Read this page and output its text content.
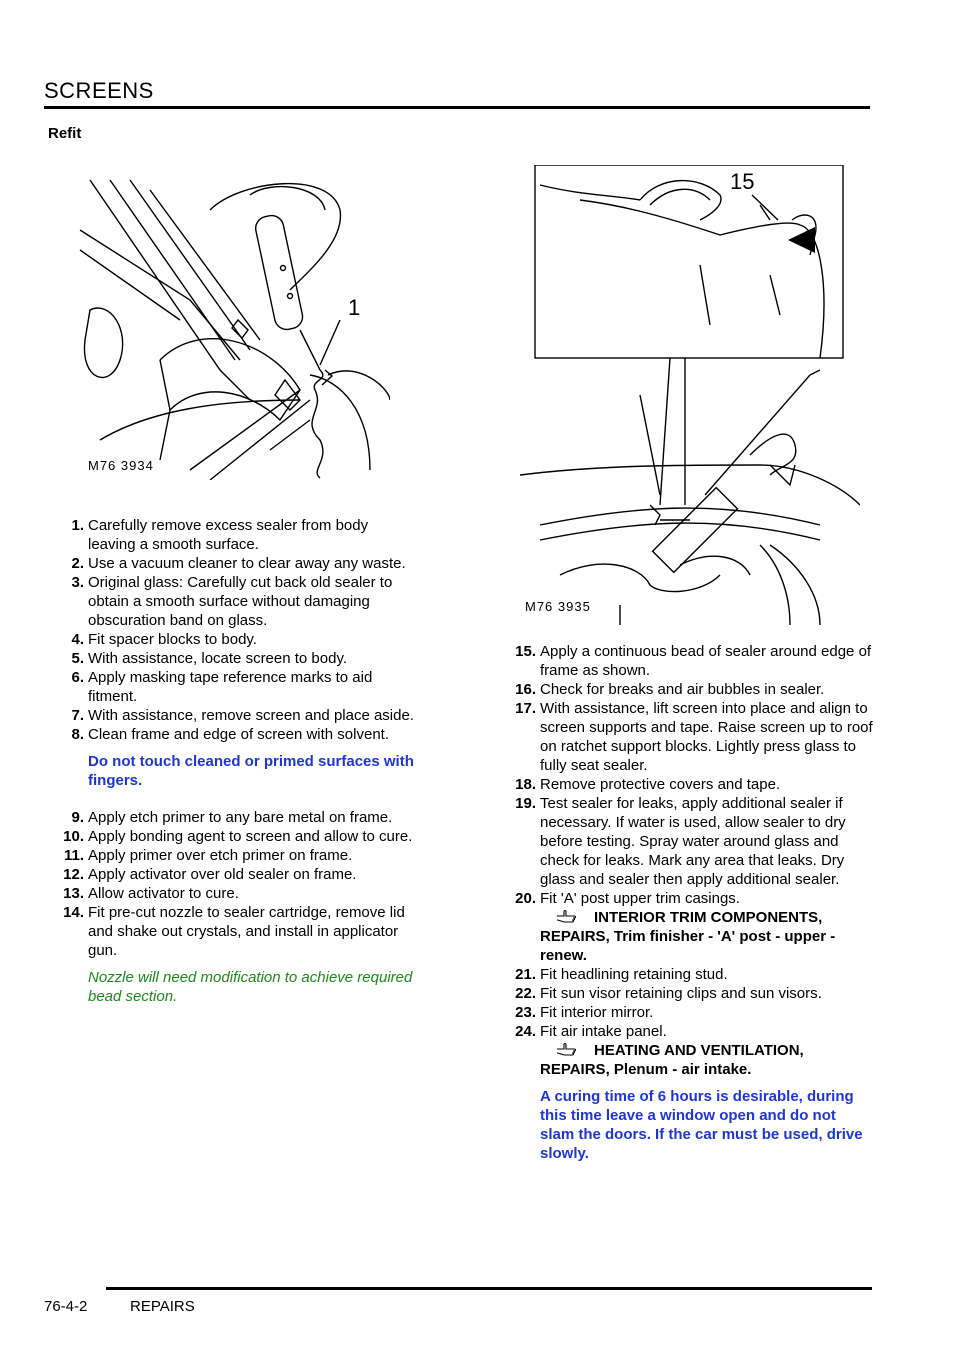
SCREENS
Refit
1
M76 3934
15
M76 3935
1. Carefully remove excess sealer from body leaving a smooth surface.
2. Use a vacuum cleaner to clear away any waste.
3. Original glass: Carefully cut back old sealer to obtain a smooth surface without damaging obscuration band on glass.
4. Fit spacer blocks to body.
5. With assistance, locate screen to body.
6. Apply masking tape reference marks to aid fitment.
7. With assistance, remove screen and place aside.
8. Clean frame and edge of screen with solvent.
Do not touch cleaned or primed surfaces with fingers.
9. Apply etch primer to any bare metal on frame.
10. Apply bonding agent to screen and allow to cure.
11. Apply primer over etch primer on frame.
12. Apply activator over old sealer on frame.
13. Allow activator to cure.
14. Fit pre-cut nozzle to sealer cartridge, remove lid and shake out crystals, and install in applicator gun.
Nozzle will need modification to achieve required bead section.
15. Apply a continuous bead of sealer around edge of frame as shown.
16. Check for breaks and air bubbles in sealer.
17. With assistance, lift screen into place and align to screen supports and tape. Raise screen up to roof on ratchet support blocks. Lightly press glass to fully seat sealer.
18. Remove protective covers and tape.
19. Test sealer for leaks, apply additional sealer if necessary. If water is used, allow sealer to dry before testing. Spray water around glass and check for leaks. Mark any area that leaks. Dry glass and sealer then apply additional sealer.
20. Fit 'A' post upper trim casings.
INTERIOR TRIM COMPONENTS,
REPAIRS, Trim finisher - 'A' post - upper - renew.
21. Fit headlining retaining stud.
22. Fit sun visor retaining clips and sun visors.
23. Fit interior mirror.
24. Fit air intake panel.
HEATING AND VENTILATION,
REPAIRS, Plenum - air intake.
A curing time of 6 hours is desirable, during this time leave a window open and do not slam the doors. If the car must be used, drive slowly.
76-4-2	REPAIRS
